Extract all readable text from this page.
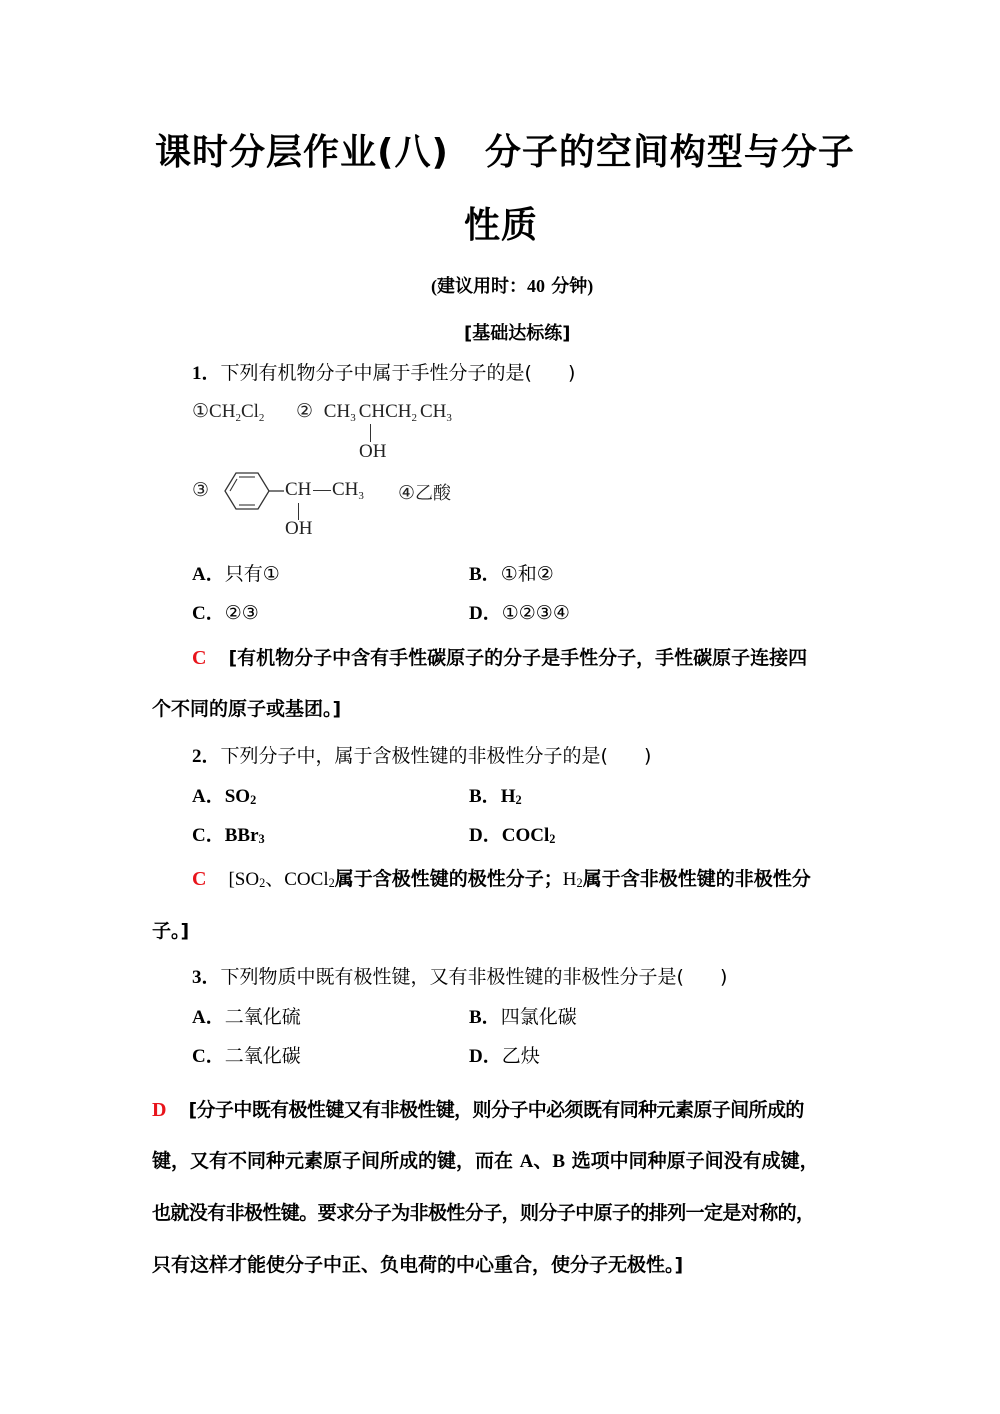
课时分层作业(八) 分子的空间构型与分子
性质
(建议用时：40 分钟)
[基础达标练]
1．下列有机物分子中属于手性分子的是( )
$①CH_2Cl_2$ ② $CH_3$ $CHCH_2$ $CH_3$
OH
③	CH $CH_3$
OH
④乙酸
A．只有①	B．①和②
C．②③	D．①②③④
C [有机物分子中含有手性碳原子的分子是手性分子，手性碳原子连接四
个不同的原子或基团。]
2．下列分子中，属于含极性键的非极性分子的是( )
A．$SO_2$	B．$H_2$
C．BBr$_3$	D．COCl$_2$
C [$SO_2$、COCl$_2$属于含极性键的极性分子；$H_2$属于含非极性键的非极性分
子。]
3．下列物质中既有极性键，又有非极性键的非极性分子是( )
A．二氧化硫	B．四氯化碳
C．二氧化碳	D．乙炔
D [分子中既有极性键又有非极性键，则分子中必须既有同种元素原子间所成的
键，又有不同种元素原子间所成的键，而在 A、B 选项中同种原子间没有成键，
也就没有非极性键。要求分子为非极性分子，则分子中原子的排列一定是对称的，
只有这样才能使分子中正、负电荷的中心重合，使分子无极性。]
